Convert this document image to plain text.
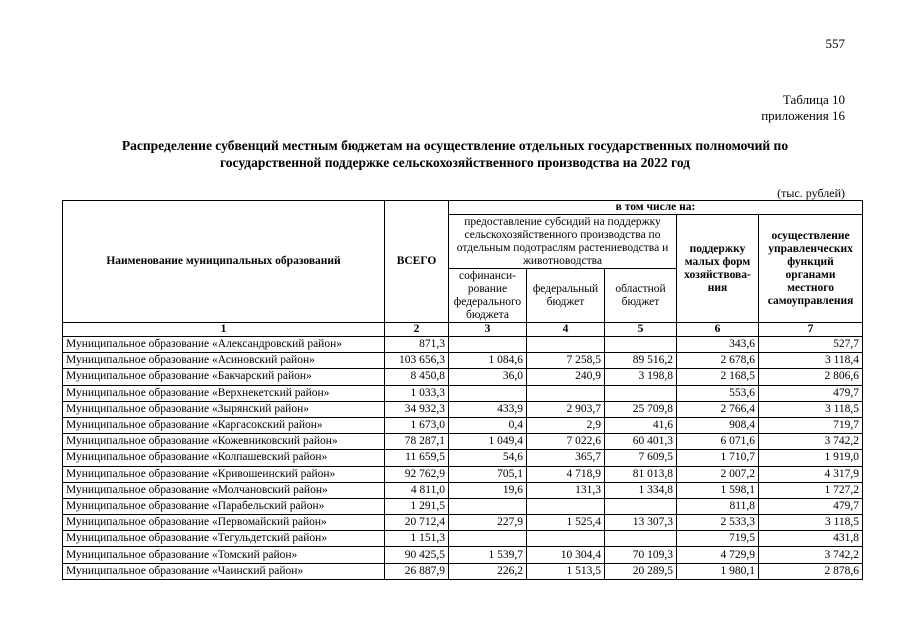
557
Таблица 10
приложения 16
Распределение субвенций местным бюджетам на осуществление отдельных государственных полномочий по
государственной поддержке сельскохозяйственного производства на 2022 год
(тыс. рублей)
Наименование муниципальных образований	ВСЕГО	в том числе на:				
		предоставление субсидий на поддержку сельскохозяйственного производства по отдельным подотраслям растениеводства и животноводства			поддержку малых форм хозяйствова-ния	осуществление управленческих функций органами местного самоуправления
		софинанси-рование федерального бюджета	федеральный бюджет	областной бюджет		
1	2	3	4	5	6	7
Муниципальное образование «Александровский район»	871,3				343,6	527,7
Муниципальное образование «Асиновский район»	103 656,3	1 084,6	7 258,5	89 516,2	2 678,6	3 118,4
Муниципальное образование «Бакчарский район»	8 450,8	36,0	240,9	3 198,8	2 168,5	2 806,6
Муниципальное образование «Верхнекетский район»	1 033,3				553,6	479,7
Муниципальное образование «Зырянский район»	34 932,3	433,9	2 903,7	25 709,8	2 766,4	3 118,5
Муниципальное образование «Каргасокский район»	1 673,0	0,4	2,9	41,6	908,4	719,7
Муниципальное образование «Кожевниковский район»	78 287,1	1 049,4	7 022,6	60 401,3	6 071,6	3 742,2
Муниципальное образование «Колпашевский район»	11 659,5	54,6	365,7	7 609,5	1 710,7	1 919,0
Муниципальное образование «Кривошеинский район»	92 762,9	705,1	4 718,9	81 013,8	2 007,2	4 317,9
Муниципальное образование «Молчановский район»	4 811,0	19,6	131,3	1 334,8	1 598,1	1 727,2
Муниципальное образование «Парабельский район»	1 291,5				811,8	479,7
Муниципальное образование «Первомайский район»	20 712,4	227,9	1 525,4	13 307,3	2 533,3	3 118,5
Муниципальное образование «Тегульдетский район»	1 151,3				719,5	431,8
Муниципальное образование «Томский район»	90 425,5	1 539,7	10 304,4	70 109,3	4 729,9	3 742,2
Муниципальное образование «Чаинский район»	26 887,9	226,2	1 513,5	20 289,5	1 980,1	2 878,6
